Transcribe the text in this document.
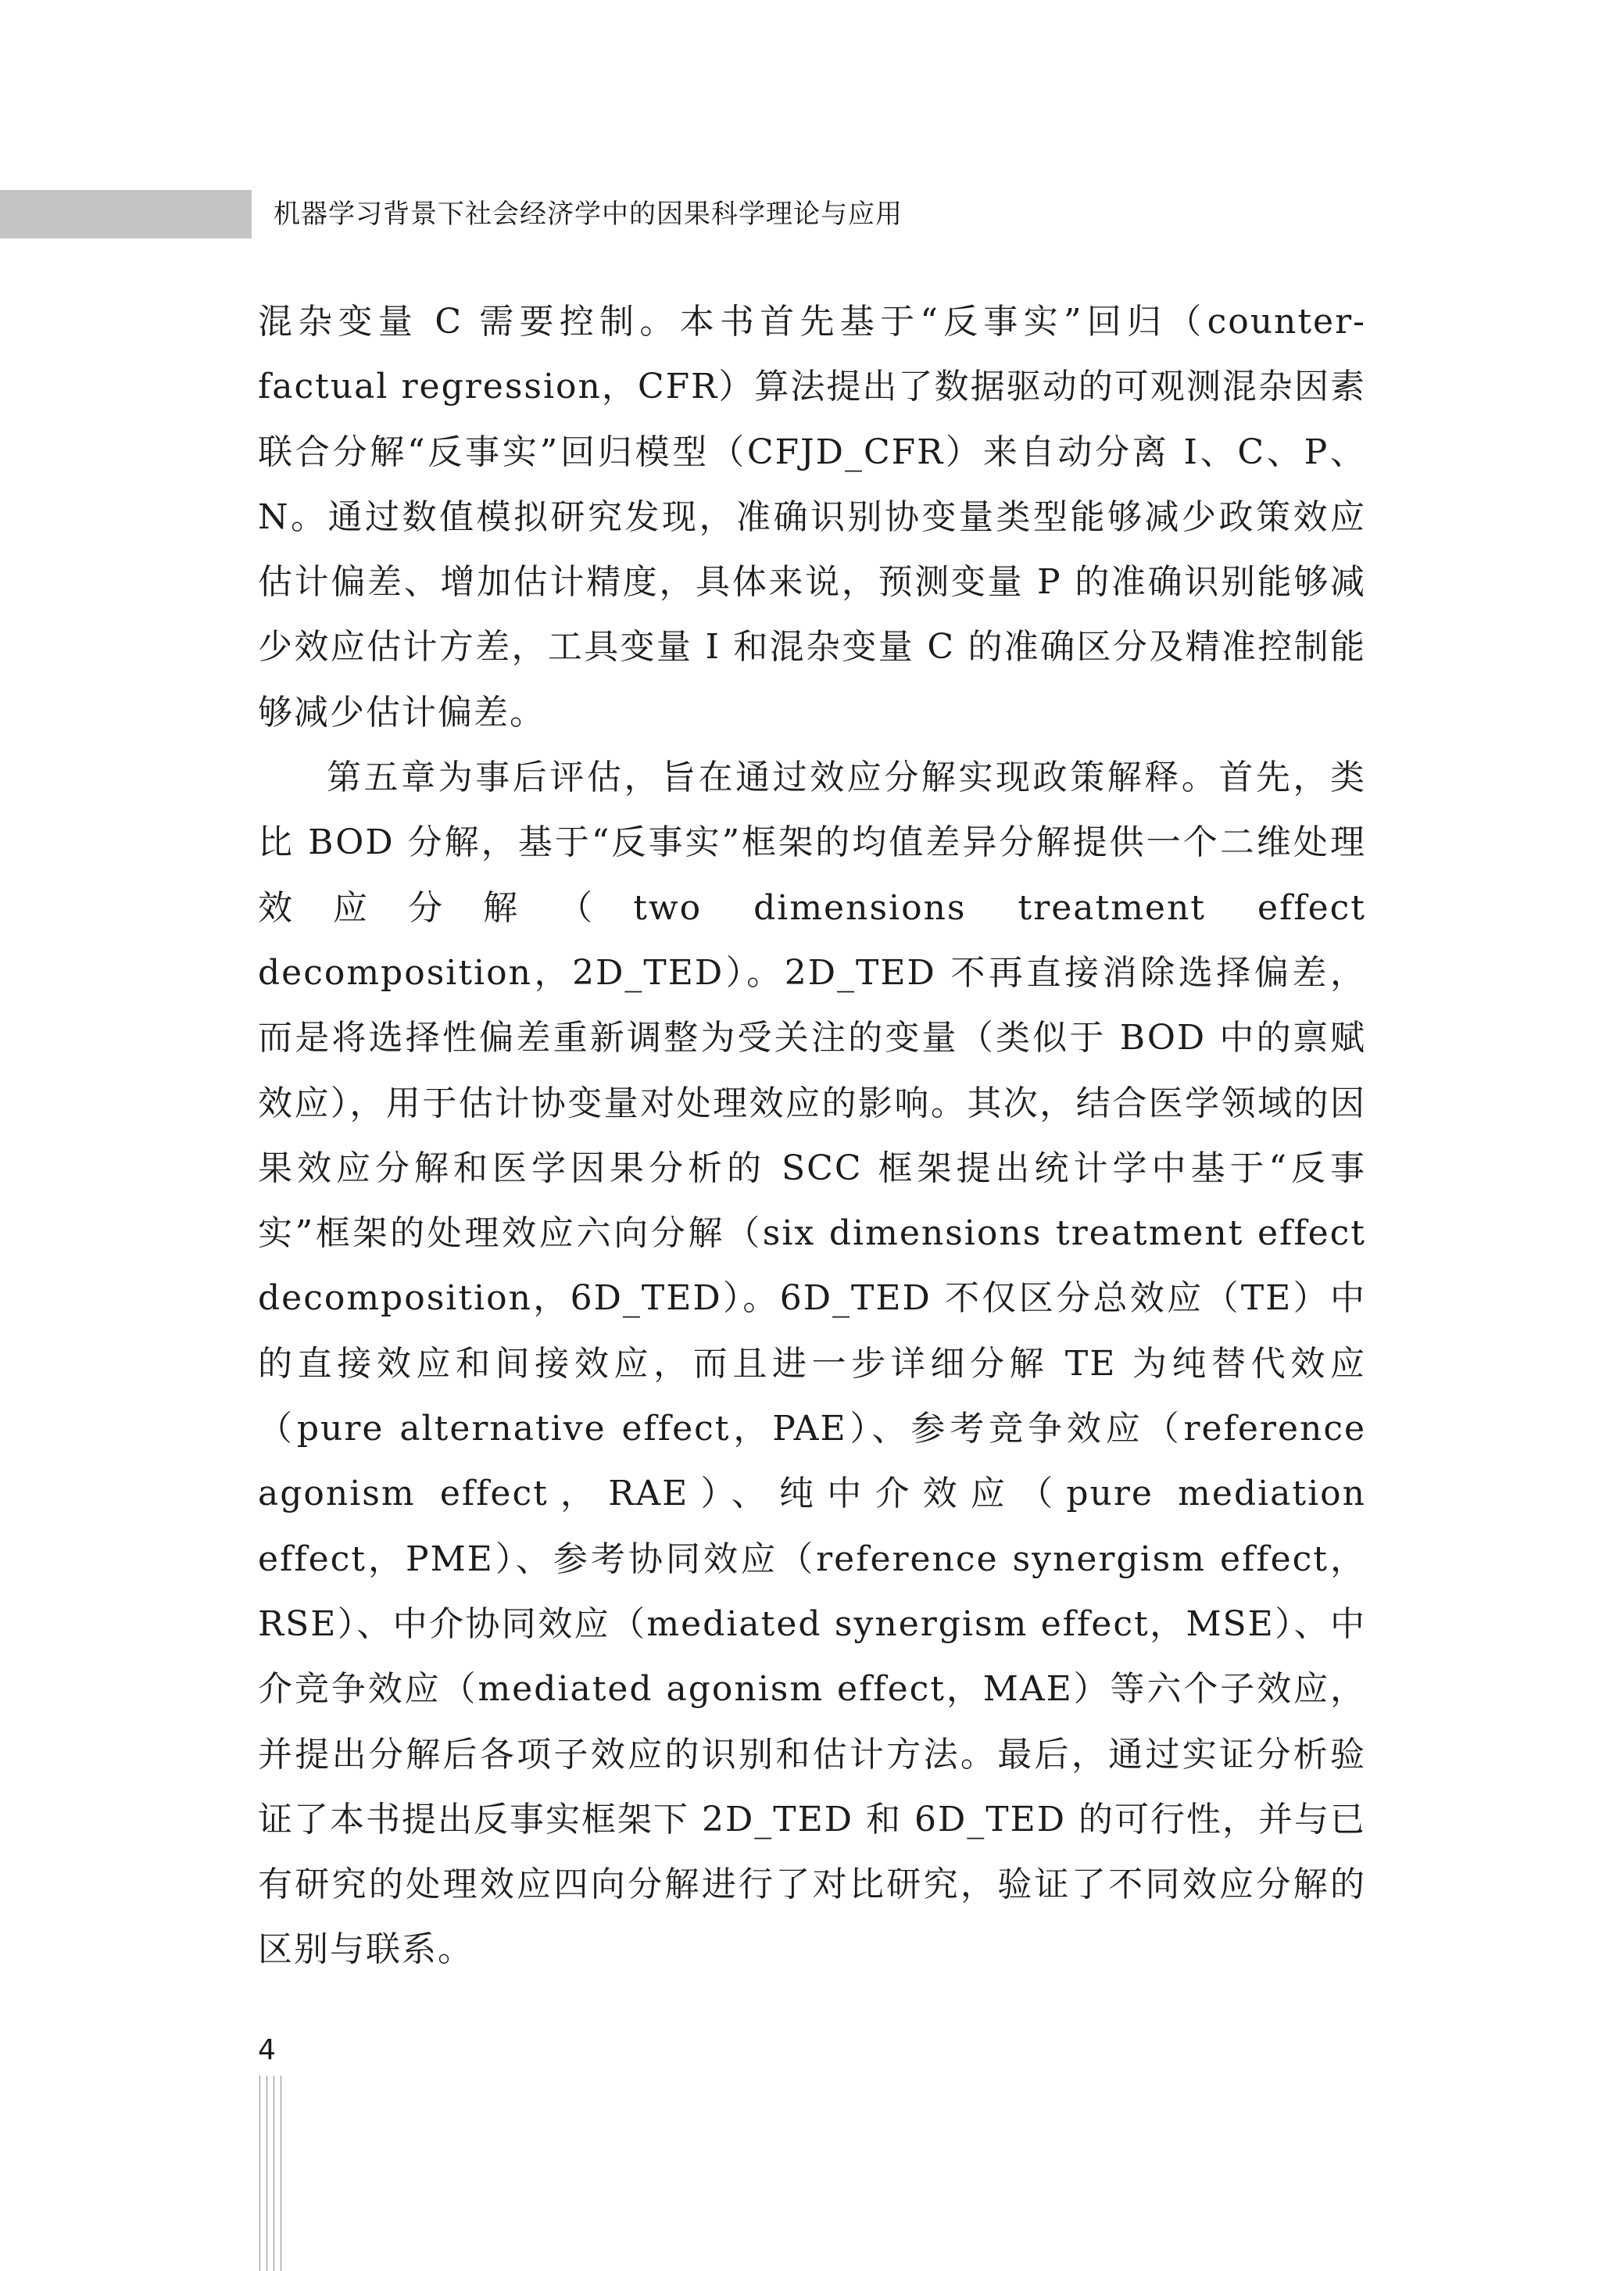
机器学习背景下社会经济学中的因果科学理论与应用

混杂变量 C 需要控制。本书首先基于“反事实”回归（counter-factual regression，CFR）算法提出了数据驱动的可观测混杂因素联合分解“反事实”回归模型（CFJD_CFR）来自动分离 I、C、P、N。通过数值模拟研究发现，准确识别协变量类型能够减少政策效应估计偏差、增加估计精度，具体来说，预测变量 P 的准确识别能够减少效应估计方差，工具变量 I 和混杂变量 C 的准确区分及精准控制能够减少估计偏差。

第五章为事后评估，旨在通过效应分解实现政策解释。首先，类比 BOD 分解，基于“反事实”框架的均值差异分解提供一个二维处理效应分解（two dimensions treatment effect decomposition，2D_TED）。2D_TED 不再直接消除选择偏差，而是将选择性偏差重新调整为受关注的变量（类似于 BOD 中的禀赋效应），用于估计协变量对处理效应的影响。其次，结合医学领域的因果效应分解和医学因果分析的 SCC 框架提出统计学中基于“反事实”框架的处理效应六向分解（six dimensions treatment effect decomposition，6D_TED）。6D_TED 不仅区分总效应（TE）中的直接效应和间接效应，而且进一步详细分解 TE 为纯替代效应（pure alternative effect，PAE）、参考竞争效应（reference agonism effect，RAE）、纯中介效应（pure mediation effect，PME）、参考协同效应（reference synergism effect，RSE）、中介协同效应（mediated synergism effect，MSE）、中介竞争效应（mediated agonism effect，MAE）等六个子效应，并提出分解后各项子效应的识别和估计方法。最后，通过实证分析验证了本书提出反事实框架下 2D_TED 和 6D_TED 的可行性，并与已有研究的处理效应四向分解进行了对比研究，验证了不同效应分解的区别与联系。

4
